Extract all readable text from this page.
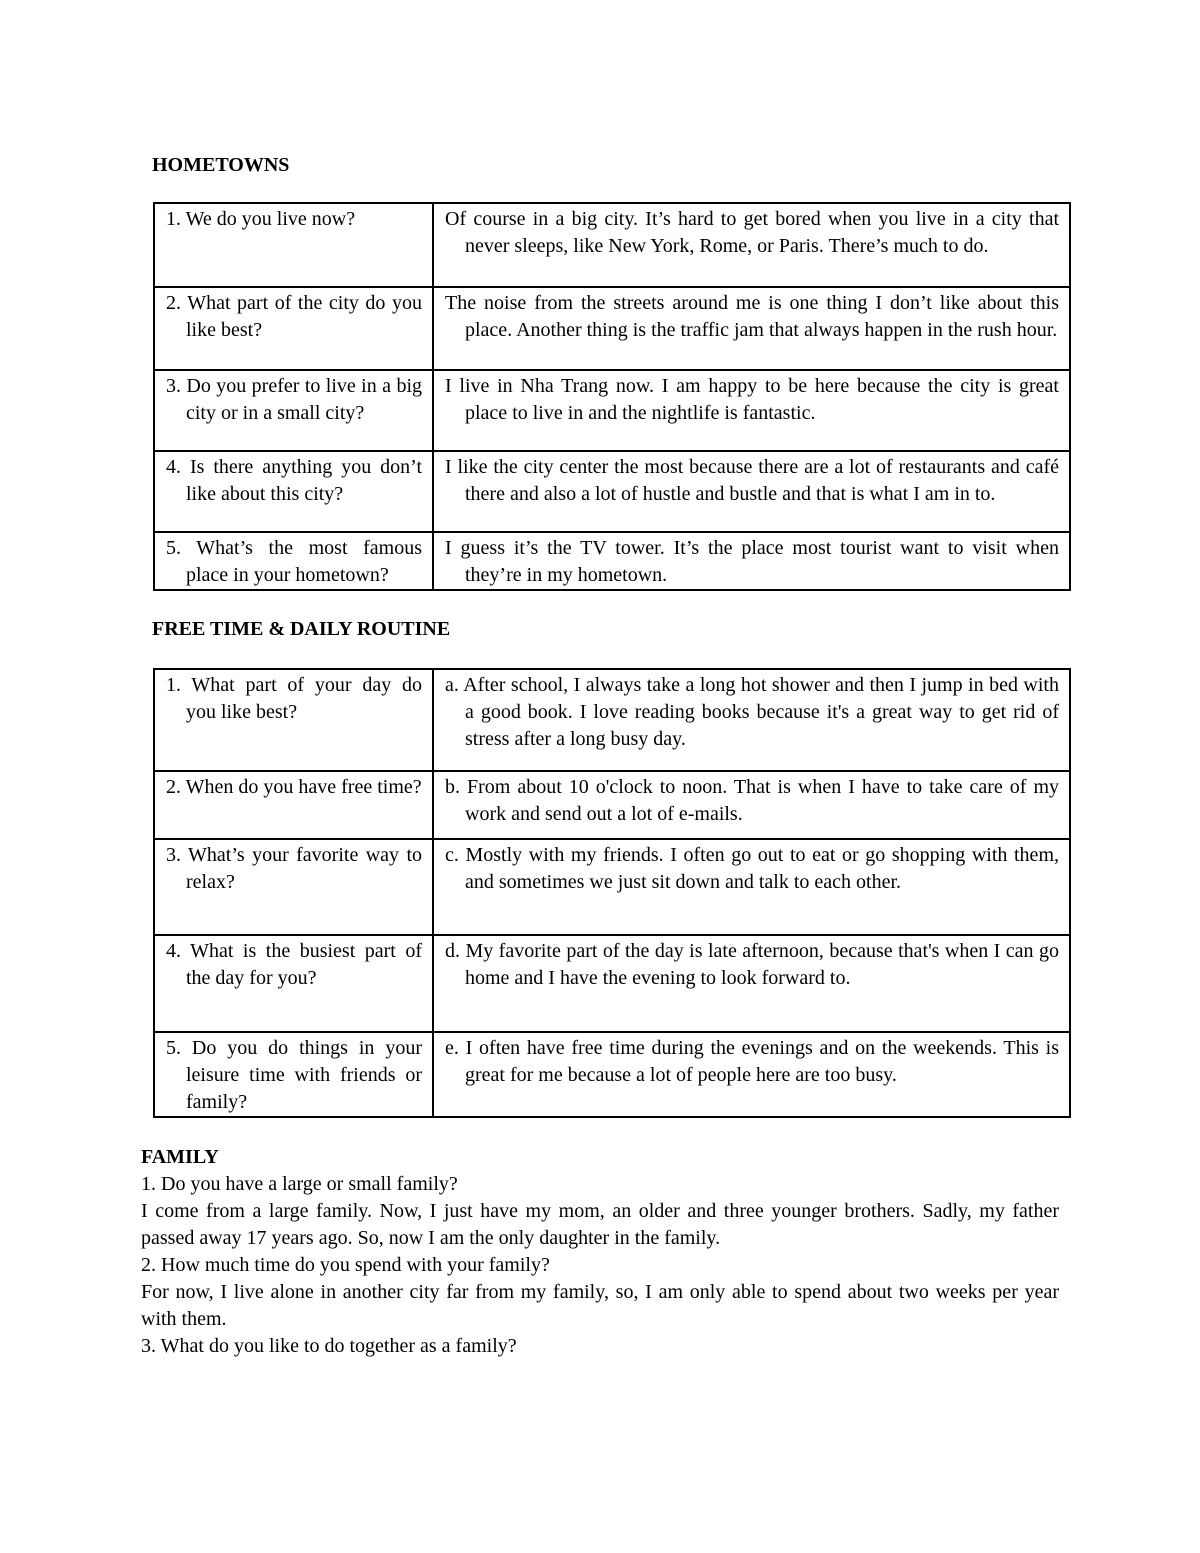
HOMETOWNS
1. We do you live now?	Of course in a big city. It’s hard to get bored when you live in a city that never sleeps, like New York, Rome, or Paris. There’s much to do.

2. What part of the city do you like best?	The noise from the streets around me is one thing I don’t like about this place. Another thing is the traffic jam that always happen in the rush hour.

3. Do you prefer to live in a big city or in a small city?	I live in Nha Trang now. I am happy to be here because the city is great place to live in and the nightlife is fantastic.

4. Is there anything you don’t like about this city?	I like the city center the most because there are a lot of restaurants and café there and also a lot of hustle and bustle and that is what I am in to.

5. What’s the most famous place in your hometown?	I guess it’s the TV tower. It’s the place most tourist want to visit when they’re in my hometown.
FREE TIME & DAILY ROUTINE
1. What part of your day do you like best?	a. After school, I always take a long hot shower and then I jump in bed with a good book. I love reading books because it's a great way to get rid of stress after a long busy day.

2. When do you have free time?	b. From about 10 o'clock to noon. That is when I have to take care of my work and send out a lot of e-mails.

3. What’s your favorite way to relax?	c. Mostly with my friends. I often go out to eat or go shopping with them, and sometimes we just sit down and talk to each other.

4. What is the busiest part of the day for you?	d. My favorite part of the day is late afternoon, because that's when I can go home and I have the evening to look forward to.

5. Do you do things in your leisure time with friends or family?	e. I often have free time during the evenings and on the weekends. This is great for me because a lot of people here are too busy.

FAMILY

1. Do you have a large or small family?

I come from a large family. Now, I just have my mom, an older and three younger brothers. Sadly, my father passed away 17 years ago. So, now I am the only daughter in the family.

2. How much time do you spend with your family?

For now, I live alone in another city far from my family, so, I am only able to spend about two weeks per year with them.

3. What do you like to do together as a family?
